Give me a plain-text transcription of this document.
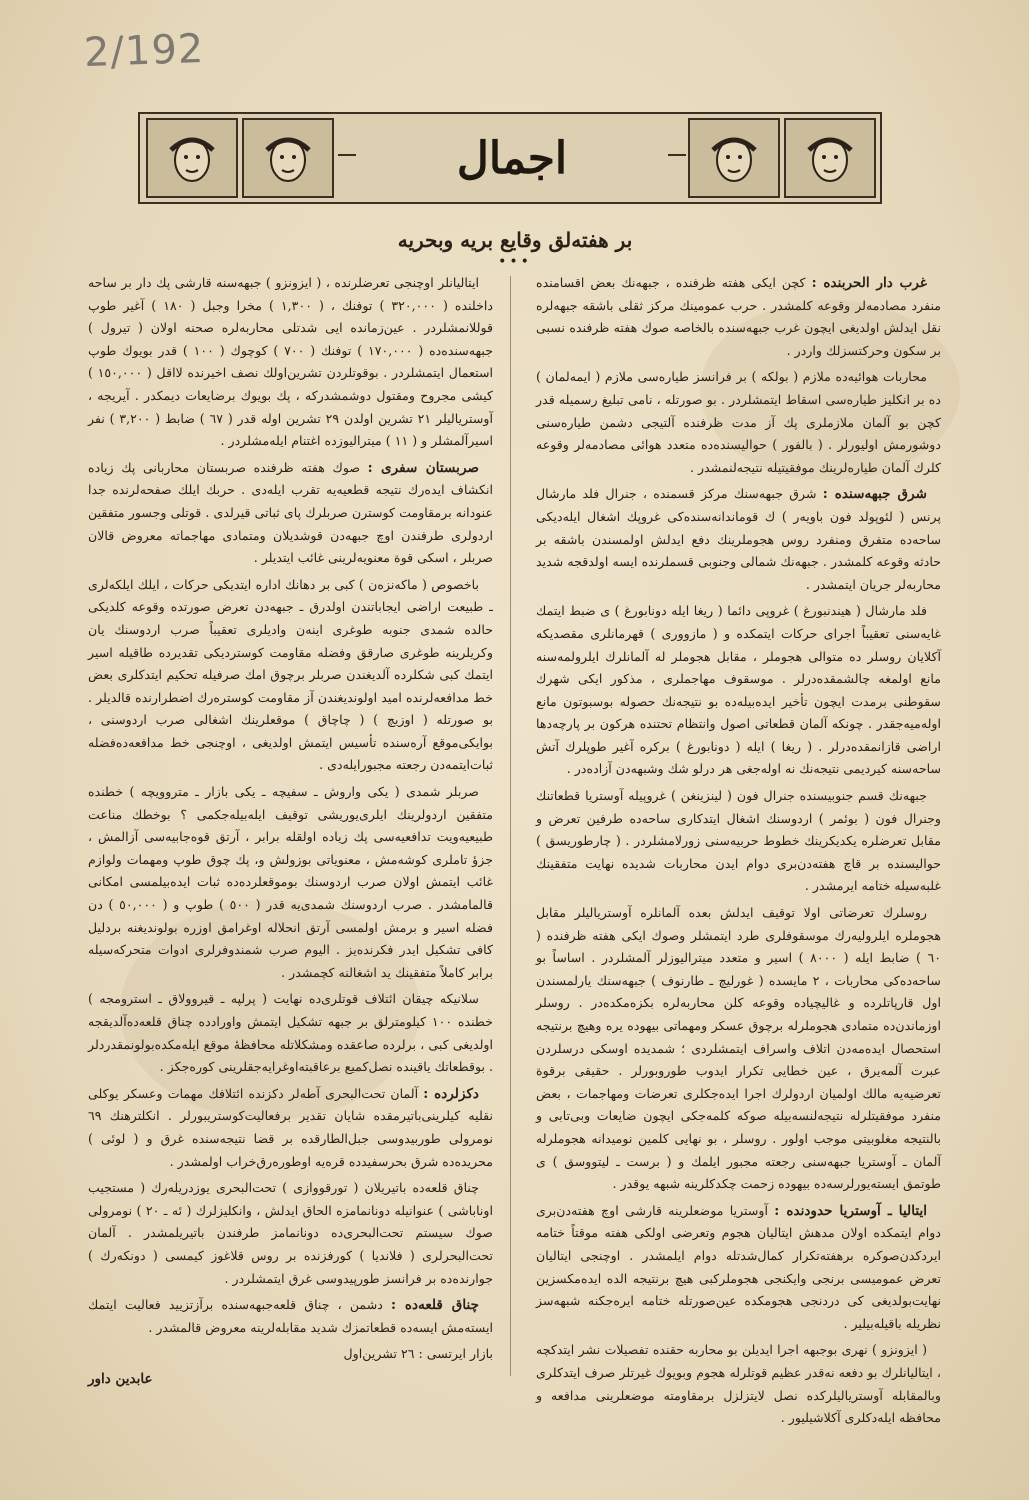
2/192
اجمال
بر هفته‌لق وقایع بریه وبحریه
•••

غرب دار الحربنده : کچن ایکی هفته ظرفنده ، جبهه‌نك بعض اقسامنده منفرد مصادمه‌لر وقوعه کلمشدر . حرب عمومینك مرکز ثقلی باشقه جبهه‌لره نقل ایدلش اولدیغی ایچون غرب جبهه‌سنده بالخاصه صوك هفته ظرفنده نسبی بر سکون وحرکتسزلك واردر .

محاربات هوائیه‌ده ملازم ( بولکه ) بر فرانسز طیاره‌سی ملازم ( ایمه‌لمان ) ده بر انکلیز طیاره‌سی اسقاط ایتمشلردر . بو صورتله ، نامی تبلیغ رسمیله قدر کچن بو آلمان ملازملری پك آز مدت ظرفنده آلتیجی دشمن طیاره‌سنی دوشورمش اولیورلر . ( بالفور ) حوالیسنده‌ده متعدد هوائی مصادمه‌لر وقوعه کلرك آلمان طیاره‌لرینك موفقیتیله نتیجه‌لنمشدر .

شرق جبهه‌سنده : شرق جبهه‌سنك مرکز قسمنده ، جنرال فلد مارشال پرنس ( لئوپولد فون باویه‌ر ) ك قوماندانه‌سنده‌کی غروپك اشغال ایله‌دیکی ساحه‌ده متفرق ومنفرد روس هجوملرینك دفع ایدلش اولمسندن باشقه بر حادثه وقوعه کلمشدر . جبهه‌نك شمالی وجنوبی قسملرنده ایسه اولدقجه شدید محاربه‌لر جریان ایتمشدر .

فلد مارشال ( هیندنبورغ ) غروپی دائما ( ریغا ایله دونابورغ ) ی ضبط ایتمك غایه‌سنی تعقیباً اجرای حرکات ایتمکده و ( مازووری ) قهرمانلری مقصدیکه آکلایان روسلر ده متوالی هجوملر ، مقابل هجوملر له آلمانلرك ایلرولمه‌سنه مانع اولمغه چالشمقده‌درلر . موسقوف مهاجملری ، مذکور ایکی شهرك سقوطنی برمدت ایچون تأخیر ایده‌بیله‌ده بو نتیجه‌نك حصوله بوسبوتون مانع اوله‌میه‌جقدر . چونکه آلمان قطعاتی اصول وانتظام تحتنده هرکون بر پارچه‌دها اراضی قازانمقده‌درلر . ( ریغا ) ایله ( دونابورغ ) برکره آغیر طوپلرك آتش ساحه‌سنه کیردیمی نتیجه‌نك نه اوله‌جغی هر درلو شك وشبهه‌دن آزاده‌در .

جبهه‌نك قسم جنوبیسنده جنرال فون ( لینزینغن ) غروپیله آوستریا قطعاتنك وجنرال فون ( بوئمر ) اردوسنك اشغال ایتدکاری ساحه‌ده طرفین تعرض و مقابل تعرضلره یکدیکرینك خطوط حربیه‌سنی زورلامشلردر . ( چارطوریسق ) حوالیسنده بر قاچ هفته‌دن‌بری دوام ایدن محاربات شدیده نهایت متفقینك غلبه‌سیله ختامه ایرمشدر .

روسلرك تعرضاتی اولا توقیف ایدلش بعده آلمانلره آوستریالیلر مقابل هجوملره ایلرولیه‌رك موسقوفلری طرد ایتمشلر وصوك ایکی هفته ظرفنده ( ٦٠ ) ضابط ایله ( ٨٠٠٠ ) اسیر و متعدد میترالیوزلر آلمشلردر . اساساً بو ساحه‌ده‌کی محاربات ، ٢ مایسده ( غورلیچ ـ طارنوف ) جبهه‌سنك یارلمسندن اول قارپاتلرده و غالیچیاده وقوعه کلن محاربه‌لره بکزه‌مکده‌در . روسلر اوزماندن‌ده متمادی هجوملرله برچوق عسکر ومهماتی بیهوده یره وهیچ برنتیجه استحصال ایده‌مه‌دن اتلاف واسراف ایتمشلردی ؛ شمدیده اوسکی درسلردن عبرت آلمه‌یرق ، عین خطایی تکرار ایدوب طوروبورلر . حقیقی برقوة تعرضیه‌یه مالك اولمیان اردولرك اجرا ایده‌جکلری تعرضات ومهاجمات ، بعض منفرد موفقیتلرله نتیجه‌لنسه‌بیله صوکه‌ کلمه‌جکی ایچون ضایعات وبی‌تابی و بالنتیجه مغلوبیتی موجب اولور . روسلر ، بو نهایی کلمین نومیدانه هجوملرله آلمان ـ آوستریا جبهه‌سنی رجعته مجبور ایلمك و ( برست ـ لیتووسق ) ی طوتمق ایسته‌یورلرسه‌ده بیهوده زحمت چکدکلرینه شبهه یوقدر .

ایتالیا ـ آوستریا حدودنده : آوستریا موضعلرینه قارشی اوچ هفته‌دن‌بری دوام ایتمکده اولان مدهش ایتالیان هجوم وتعرضی اولکی هفته موقتاً ختامه ایردکدن‌صوکره برهفته‌تکرار کمال‌شدتله دوام ایلمشدر . اوچنجی ایتالیان تعرض عمومیسی برنجی وایکنجی هجوملرکبی هیچ برنتیجه الده ایده‌مکسزین نهایت‌بولدیغی کی دردنجی هجومکده عین‌صورتله ختامه ایره‌جکنه شبهه‌سز نظریله باقیله‌بیلیر .

( ایزونزو ) نهری بوجبهه اجرا ایدیلن بو محاربه حقنده تفصیلات نشر ایتدکچه ، ایتالیانلرك بو دفعه نه‌قدر عظیم قوتلرله هجوم وبویوك غیرتلر صرف ایتدکلری وبالمقابله آوستریالیلرکده نصل لایتزلزل برمقاومته موضعلرینی مدافعه و محافظه ایله‌دکلری آکلاشیلیور .

ایتالیانلر اوچنجی تعرضلرنده ، ( ایزونزو ) جبهه‌سنه قارشی پك دار بر ساحه داخلنده ( ٣٢٠,٠٠٠ ) توفنك ، ( ١,٣٠٠ ) مخرا وجبل ( ١٨٠ ) آغیر طوپ قوللانمشلردر . عین‌زمانده ایی شدتلی محاربه‌لره صحنه اولان ( تیرول ) جبهه‌سنده‌ده ( ١٧٠,٠٠٠ ) توفنك ( ٧٠٠ ) کوچوك ( ١٠٠ ) قدر بویوك طوپ استعمال ایتمشلردر . بوقوتلردن تشرین‌اولك نصف اخیرنده لااقل ( ١٥٠,٠٠٠ ) کیشی مجروح ومقتول دوشمشدرکه ، پك بویوك برضایعات دیمکدر . آیریجه ، آوستریالیلر ٢١ تشرین اولدن ٢٩ تشرین اوله قدر ( ٦٧ ) ضابط ( ٣,٢٠٠ ) نفر اسیرآلمشلر و ( ١١ ) میترالیوزده اغتنام ایله‌مشلردر .

صربستان سفری : صوك هفته ظرفنده صربستان محاربانی پك زیاده انکشاف ایده‌رك نتیجه قطعیه‌یه تقرب ایله‌دی . حربك ایلك صفحه‌لرنده جدا عنودانه برمقاومت کوسترن صربلرك پای ثباتی قیرلدی . قوتلی وجسور متفقین اردولری طرفندن اوچ جبهه‌دن قوشدیلان ومتمادی مهاجماته معروض قالان صربلر ، اسکی قوة معنویه‌لرینی غائب ایتدیلر .

باخصوص ( ماکه‌نزه‌ن ) کبی بر دهانك اداره ایتدیکی حرکات ، ایلك ایلکه‌لری ـ طبیعت اراضی ایجاباتندن اولدرق ـ جبهه‌دن تعرض صورتده وقوعه کلدیکی حالده شمدی جنوبه طوغری اینه‌ن وادیلری تعقیباً صرب اردوسنك یان وکریلرینه طوغری صارقق وفضله مقاومت کوستردیکی تقدیرده طاقیله اسیر ایتمك کبی شکلرده آلدیغندن صربلر برچوق امك صرفیله تحکیم ایتدکلری بعض خط مدافعه‌لرنده امید اولوندیغندن آز مقاومت کوستره‌رك اضطرارنده قالدیلر . بو صورتله ( اوزیچ ) ( چاچاق ) موقعلرینك اشغالی صرب اردوسنی ، بوایکی‌موقع آره‌سنده تأسیس ایتمش اولدیغی ، اوچنجی خط مدافعه‌ده‌فضله ثبات‌ایتمه‌دن رجعته مجبورایله‌دی .

صربلر شمدی ( یکی واروش ـ سفیچه ـ یکی بازار ـ متروویچه ) خطنده متفقین اردولرینك ایلری‌یوریشی توقیف ایله‌بیله‌جکمی ؟ بوخطك مناعت طبیعیه‌ویت تدافعیه‌سی پك زیاده اولقله برابر ، آرتق قوه‌جابیه‌سی آزالمش ، جزؤ تاملری کوشه‌مش ، معنویاتی بوزولش و، پك چوق طوپ ومهمات ولوازم غائب ایتمش اولان صرب اردوسنك بوموقعلرده‌ده ثبات ایده‌بیلمسی امکانی قالمامشدر . صرب اردوسنك شمدی‌یه قدر ( ٥٠٠ ) طوپ و ( ٥٠,٠٠٠ ) دن فضله اسیر و برمش اولمسی آرتق انحلاله اوغرامق اوزره بولوندیغنه بردلیل کافی تشکیل ایدر فکرنده‌یز . الیوم صرب شمندوفرلری ادوات متحرکه‌سیله برابر کاملاً متفقینك ید اشغالنه کچمشدر .

سلانیکه چیقان ائتلاف قوتلری‌ده نهایت ( پرلپه ـ قیروولاق ـ استرومجه ) خطنده ١٠٠ کیلومترلق بر جبهه تشکیل ایتمش واورادده چناق قلعه‌ده‌آلدیقجه اولدیغی کبی ، برلرده صاعقده ومشکلاتله محافظهٔ موقع ایله‌مکده‌بولونمقدردلر . بوقطعاتك یاقینده نصل‌کمیع برعاقبته‌اوغرایه‌جقلرینی کوره‌جکز .

دکزلرده : آلمان تحت‌البحری آطه‌لر دکزنده ائتلافك مهمات وعسکر یوکلی نقلیه کیلرینی‌باتیرمقده شایان تقدیر برفعالیت‌کوستریبورلر . انکلترهنك ٦٩ نومرولی طوربیدوسی جبل‌الطارقده بر قضا نتیجه‌سنده غرق و ( لوئی ) محریده‌ده شرق بحرسفیدده قره‌یه اوطوره‌رق‌خراب اولمشدر .

چناق قلعه‌ده باتیریلان ( تورقووازی ) تحت‌البحری یوزدریله‌رك ( مستجیب اوناباشی ) عنوانیله دونانمامزه الحاق ایدلش ، وانکلیزلرك ( ئه ـ ٢٠ ) نومرولی صوك سیستم تحت‌البحری‌ده دونانمامز طرفندن باتیریلمشدر . آلمان تحت‌البحرلری ( فلاندیا ) کورفزنده بر روس قلاغوز کیمسی ( دونکه‌رك ) جوارنده‌ده بر فرانسز طورپیدوسی غرق ایتمشلردر .

چناق قلعه‌ده : دشمن ، چناق قلعه‌جبهه‌سنده برآزتزیید فعالیت ایتمك ایسته‌مش ایسه‌ده قطعاتمزك شدید مقابله‌لرینه معروض قالمشدر .

بازار ایرتسی : ٢٦ تشرین‌اول
عابدین داور
